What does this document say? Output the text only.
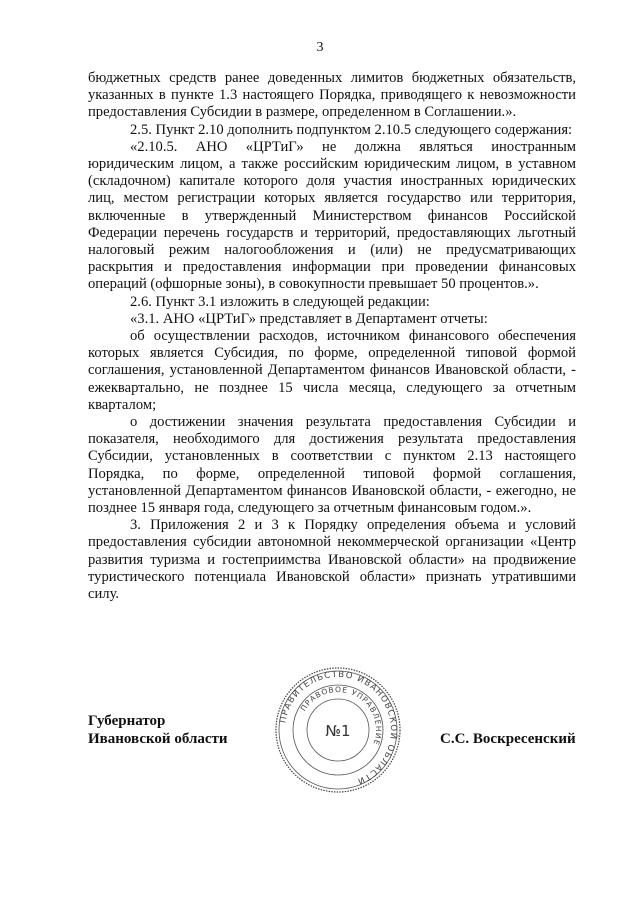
3

бюджетных средств ранее доведенных лимитов бюджетных обязательств, указанных в пункте 1.3 настоящего Порядка, приводящего к невозможности предоставления Субсидии в размере, определенном в Соглашении.».

2.5. Пункт 2.10 дополнить подпунктом 2.10.5 следующего содержания:

«2.10.5. АНО «ЦРТиГ» не должна являться иностранным юридическим лицом, а также российским юридическим лицом, в уставном (складочном) капитале которого доля участия иностранных юридических лиц, местом регистрации которых является государство или территория, включенные в утвержденный Министерством финансов Российской Федерации перечень государств и территорий, предоставляющих льготный налоговый режим налогообложения и (или) не предусматривающих раскрытия и предоставления информации при проведении финансовых операций (офшорные зоны), в совокупности превышает 50 процентов.».

2.6. Пункт 3.1 изложить в следующей редакции:

«3.1. АНО «ЦРТиГ» представляет в Департамент отчеты:

об осуществлении расходов, источником финансового обеспечения которых является Субсидия, по форме, определенной типовой формой соглашения, установленной Департаментом финансов Ивановской области, - ежеквартально, не позднее 15 числа месяца, следующего за отчетным кварталом;

о достижении значения результата предоставления Субсидии и показателя, необходимого для достижения результата предоставления Субсидии, установленных в соответствии с пунктом 2.13 настоящего Порядка, по форме, определенной типовой формой соглашения, установленной Департаментом финансов Ивановской области, - ежегодно, не позднее 15 января года, следующего за отчетным финансовым годом.».

3. Приложения 2 и 3 к Порядку определения объема и условий предоставления субсидии автономной некоммерческой организации «Центр развития туризма и гостеприимства Ивановской области» на продвижение туристического потенциала Ивановской области» признать утратившими силу.

Губернатор
Ивановской области
ПРАВИТЕЛЬСТВО ИВАНОВСКОЙ ОБЛАСТИ
ПРАВОВОЕ УПРАВЛЕНИЕ
№1	С.С. Воскресенский
